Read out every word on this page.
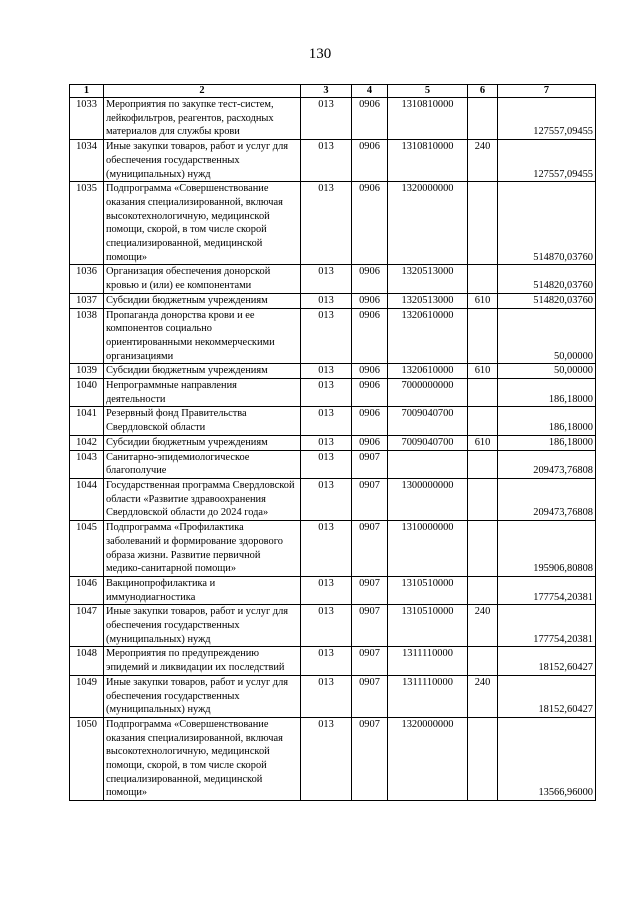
130
1	2	3	4	5	6	7
1033	Мероприятия по закупке тест-систем, лейкофильтров, реагентов, расходных материалов для службы крови	013	0906	1310810000		127557,09455
1034	Иные закупки товаров, работ и услуг для обеспечения государственных (муниципальных) нужд	013	0906	1310810000	240	127557,09455
1035	Подпрограмма «Совершенствование оказания специализированной, включая высокотехнологичную, медицинской помощи, скорой, в том числе скорой специализированной, медицинской помощи»	013	0906	1320000000		514870,03760
1036	Организация обеспечения донорской кровью и (или) ее компонентами	013	0906	1320513000		514820,03760
1037	Субсидии бюджетным учреждениям	013	0906	1320513000	610	514820,03760
1038	Пропаганда донорства крови и ее компонентов социально ориентированными некоммерческими организациями	013	0906	1320610000		50,00000
1039	Субсидии бюджетным учреждениям	013	0906	1320610000	610	50,00000
1040	Непрограммные направления деятельности	013	0906	7000000000		186,18000
1041	Резервный фонд Правительства Свердловской области	013	0906	7009040700		186,18000
1042	Субсидии бюджетным учреждениям	013	0906	7009040700	610	186,18000
1043	Санитарно-эпидемиологическое благополучие	013	0907			209473,76808
1044	Государственная программа Свердловской области «Развитие здравоохранения Свердловской области до 2024 года»	013	0907	1300000000		209473,76808
1045	Подпрограмма «Профилактика заболеваний и формирование здорового образа жизни. Развитие первичной медико-санитарной помощи»	013	0907	1310000000		195906,80808
1046	Вакцинопрофилактика и иммунодиагностика	013	0907	1310510000		177754,20381
1047	Иные закупки товаров, работ и услуг для обеспечения государственных (муниципальных) нужд	013	0907	1310510000	240	177754,20381
1048	Мероприятия по предупреждению эпидемий и ликвидации их последствий	013	0907	1311110000		18152,60427
1049	Иные закупки товаров, работ и услуг для обеспечения государственных (муниципальных) нужд	013	0907	1311110000	240	18152,60427
1050	Подпрограмма «Совершенствование оказания специализированной, включая высокотехнологичную, медицинской помощи, скорой, в том числе скорой специализированной, медицинской помощи»	013	0907	1320000000		13566,96000
